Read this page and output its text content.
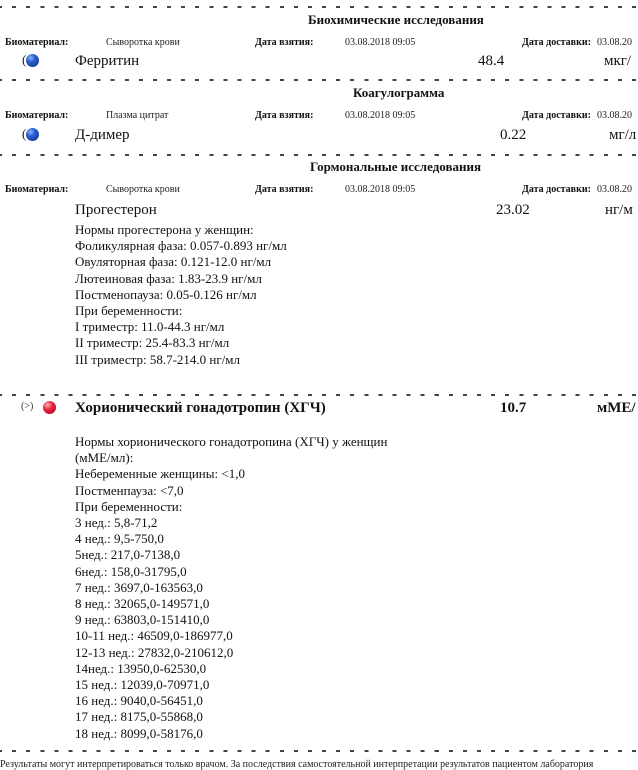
Биохимические исследования
Биоматериал:	Сыворотка крови	Дата взятия:	03.08.2018 09:05	Дата доставки: 03.08.20
(	Ферритин	48.4	мкг/
Коагулограмма
Биоматериал:	Плазма цитрат	Дата взятия:	03.08.2018 09:05	Дата доставки: 03.08.20
(	Д-димер	0.22	мг/л
Гормональные исследования
Биоматериал:	Сыворотка крови	Дата взятия:	03.08.2018 09:05	Дата доставки: 03.08.20
Прогестерон	23.02	нг/м
Нормы прогестерона у женщин:
Фоликулярная фаза: 0.057-0.893 нг/мл
Овуляторная фаза: 0.121-12.0 нг/мл
Лютеиновая фаза: 1.83-23.9 нг/мл
Постменопауза: 0.05-0.126 нг/мл
При беременности:
I триместр: 11.0-44.3 нг/мл
II триместр: 25.4-83.3 нг/мл
III триместр: 58.7-214.0 нг/мл
(>)	Хорионический гонадотропин (ХГЧ)	10.7	мМЕ/
Нормы хорионического гонадотропина (ХГЧ) у женщин
(мМЕ/мл):
Небеременные женщины: <1,0
Постменпауза: <7,0
При беременности:
3 нед.: 5,8-71,2
4 нед.: 9,5-750,0
5нед.: 217,0-7138,0
6нед.: 158,0-31795,0
7 нед.: 3697,0-163563,0
8 нед.: 32065,0-149571,0
9 нед.: 63803,0-151410,0
10-11 нед.: 46509,0-186977,0
12-13 нед.: 27832,0-210612,0
14нед.: 13950,0-62530,0
15 нед.: 12039,0-70971,0
16 нед.: 9040,0-56451,0
17 нед.: 8175,0-55868,0
18 нед.: 8099,0-58176,0
Результаты могут интерпретироваться только врачом. За последствия самостоятельной интерпретации результатов пациентом лаборатория
